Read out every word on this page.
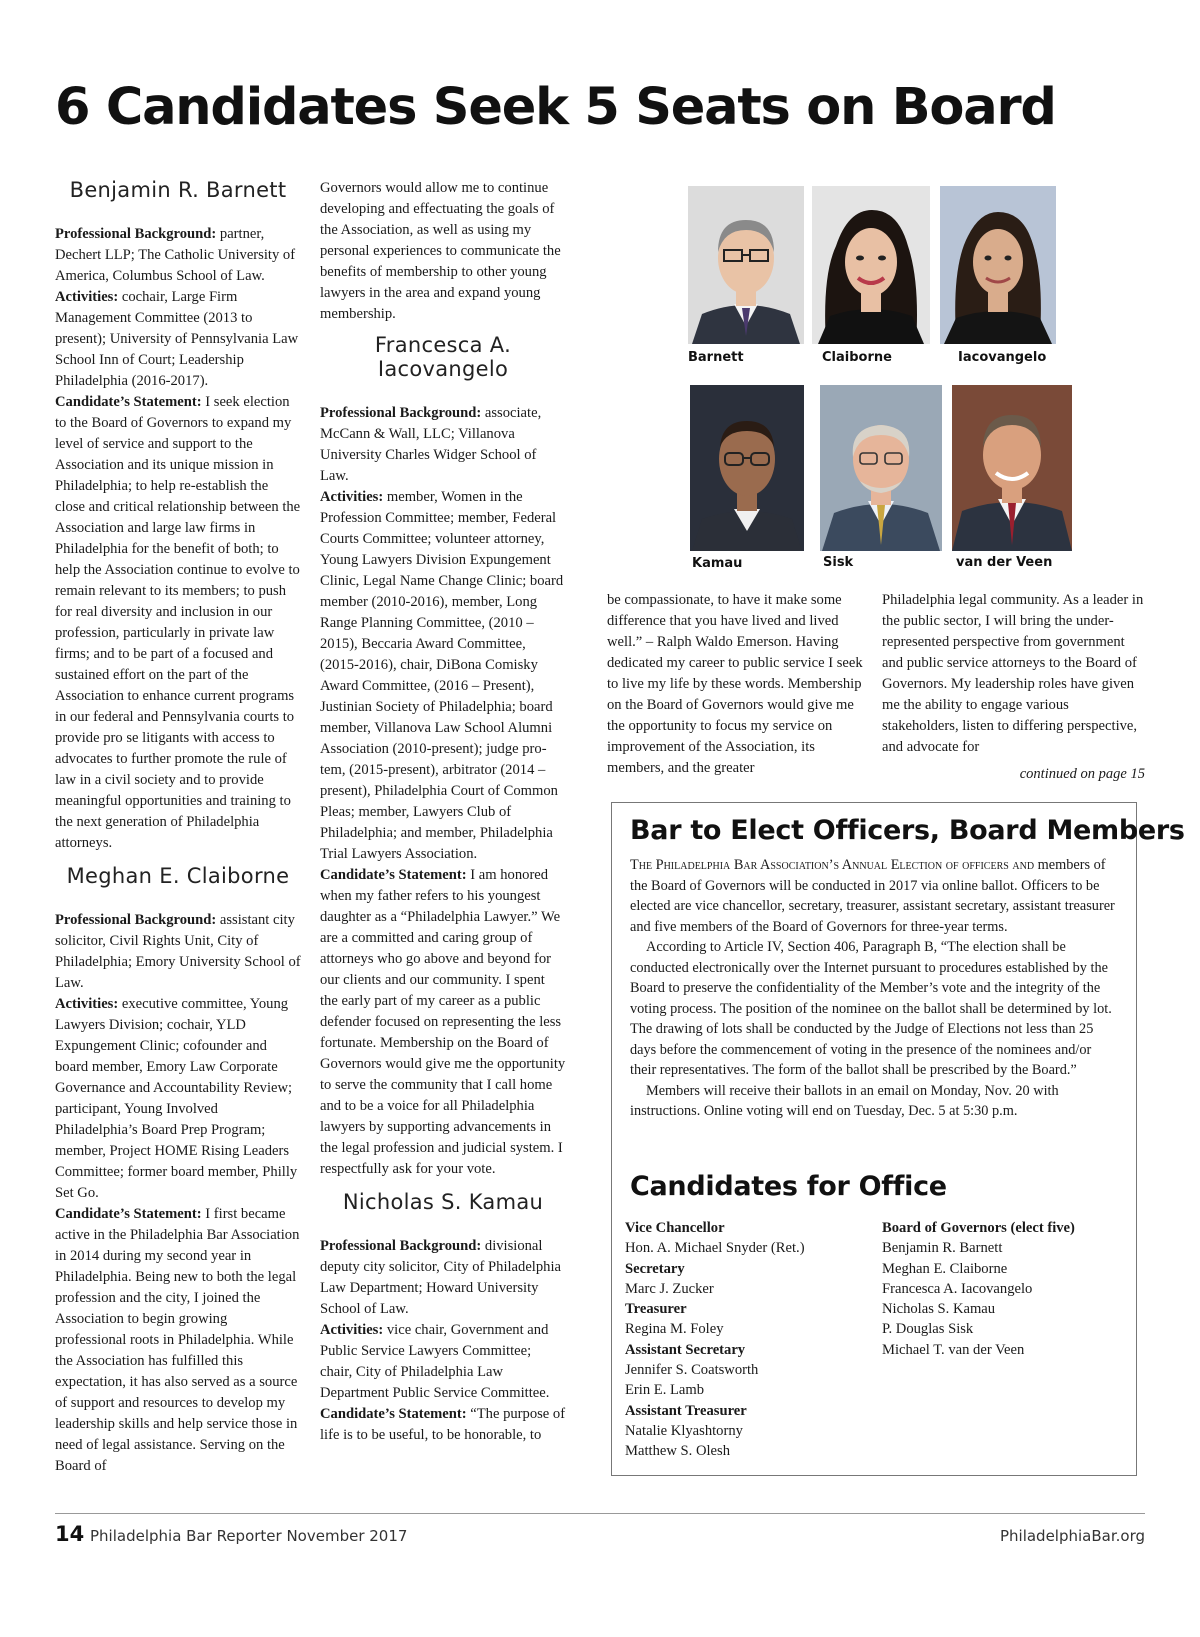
6 Candidates Seek 5 Seats on Board
Benjamin R. Barnett

Professional Background: partner, Dechert LLP; The Catholic University of America, Columbus School of Law.

Activities: cochair, Large Firm Management Committee (2013 to present); University of Pennsylvania Law School Inn of Court; Leadership Philadelphia (2016-2017).

Candidate’s Statement: I seek election to the Board of Governors to expand my level of service and support to the Association and its unique mission in Philadelphia; to help re-establish the close and critical relationship between the Association and large law firms in Philadelphia for the benefit of both; to help the Association continue to evolve to remain relevant to its members; to push for real diversity and inclusion in our profession, particularly in private law firms; and to be part of a focused and sustained effort on the part of the Association to enhance current programs in our federal and Pennsylvania courts to provide pro se litigants with access to advocates to further promote the rule of law in a civil society and to provide meaningful opportunities and training to the next generation of Philadelphia attorneys.

Meghan E. Claiborne

Professional Background: assistant city solicitor, Civil Rights Unit, City of Philadelphia; Emory University School of Law.

Activities: executive committee, Young Lawyers Division; cochair, YLD Expungement Clinic; cofounder and board member, Emory Law Corporate Governance and Accountability Review; participant, Young Involved Philadelphia’s Board Prep Program; member, Project HOME Rising Leaders Committee; former board member, Philly Set Go.

Candidate’s Statement: I first became active in the Philadelphia Bar Association in 2014 during my second year in Philadelphia. Being new to both the legal profession and the city, I joined the Association to begin growing professional roots in Philadelphia. While the Association has fulfilled this expectation, it has also served as a source of support and resources to develop my leadership skills and help service those in need of legal assistance. Serving on the Board of

Governors would allow me to continue developing and effectuating the goals of the Association, as well as using my personal experiences to communicate the benefits of membership to other young lawyers in the area and expand young membership.

Francesca A.
Iacovangelo

Professional Background: associate, McCann & Wall, LLC; Villanova University Charles Widger School of Law.

Activities: member, Women in the Profession Committee; member, Federal Courts Committee; volunteer attorney, Young Lawyers Division Expungement Clinic, Legal Name Change Clinic; board member (2010-2016), member, Long Range Planning Committee, (2010 – 2015), Beccaria Award Committee, (2015-2016), chair, DiBona Comisky Award Committee, (2016 – Present), Justinian Society of Philadelphia; board member, Villanova Law School Alumni Association (2010-present); judge pro-tem, (2015-present), arbitrator (2014 – present), Philadelphia Court of Common Pleas; member, Lawyers Club of Philadelphia; and member, Philadelphia Trial Lawyers Association.

Candidate’s Statement: I am honored when my father refers to his youngest daughter as a “Philadelphia Lawyer.” We are a committed and caring group of attorneys who go above and beyond for our clients and our community. I spent the early part of my career as a public defender focused on representing the less fortunate. Membership on the Board of Governors would give me the opportunity to serve the community that I call home and to be a voice for all Philadelphia lawyers by supporting advancements in the legal profession and judicial system. I respectfully ask for your vote.

Nicholas S. Kamau

Professional Background: divisional deputy city solicitor, City of Philadelphia Law Department; Howard University School of Law.

Activities: vice chair, Government and Public Service Lawyers Committee; chair, City of Philadelphia Law Department Public Service Committee.

Candidate’s Statement: “The purpose of life is to be useful, to be honorable, to

Barnett	Claiborne	Iacovangelo
Kamau	Sisk	van der Veen

be compassionate, to have it make some difference that you have lived and lived well.” – Ralph Waldo Emerson. Having dedicated my career to public service I seek to live my life by these words. Membership on the Board of Governors would give me the opportunity to focus my service on improvement of the Association, its members, and the greater

Philadelphia legal community. As a leader in the public sector, I will bring the under-represented perspective from government and public service attorneys to the Board of Governors. My leadership roles have given me the ability to engage various stakeholders, listen to differing perspective, and advocate for

continued on page 15
Bar to Elect Officers, Board Members

The Philadelphia Bar Association’s Annual Election of officers and members of the Board of Governors will be conducted in 2017 via online ballot. Officers to be elected are vice chancellor, secretary, treasurer, assistant secretary, assistant treasurer and five members of the Board of Governors for three-year terms.

According to Article IV, Section 406, Paragraph B, “The election shall be conducted electronically over the Internet pursuant to procedures established by the Board to preserve the confidentiality of the Member’s vote and the integrity of the voting process. The position of the nominee on the ballot shall be determined by lot. The drawing of lots shall be conducted by the Judge of Elections not less than 25 days before the commencement of voting in the presence of the nominees and/or their representatives. The form of the ballot shall be prescribed by the Board.”

Members will receive their ballots in an email on Monday, Nov. 20 with instructions. Online voting will end on Tuesday, Dec. 5 at 5:30 p.m.

Candidates for Office
Vice Chancellor
Hon. A. Michael Snyder (Ret.)
Secretary
Marc J. Zucker
Treasurer
Regina M. Foley
Assistant Secretary
Jennifer S. Coatsworth
Erin E. Lamb
Assistant Treasurer
Natalie Klyashtorny
Matthew S. Olesh
Board of Governors (elect five)
Benjamin R. Barnett
Meghan E. Claiborne
Francesca A. Iacovangelo
Nicholas S. Kamau
P. Douglas Sisk
Michael T. van der Veen
14 Philadelphia Bar Reporter November 2017	PhiladelphiaBar.org
